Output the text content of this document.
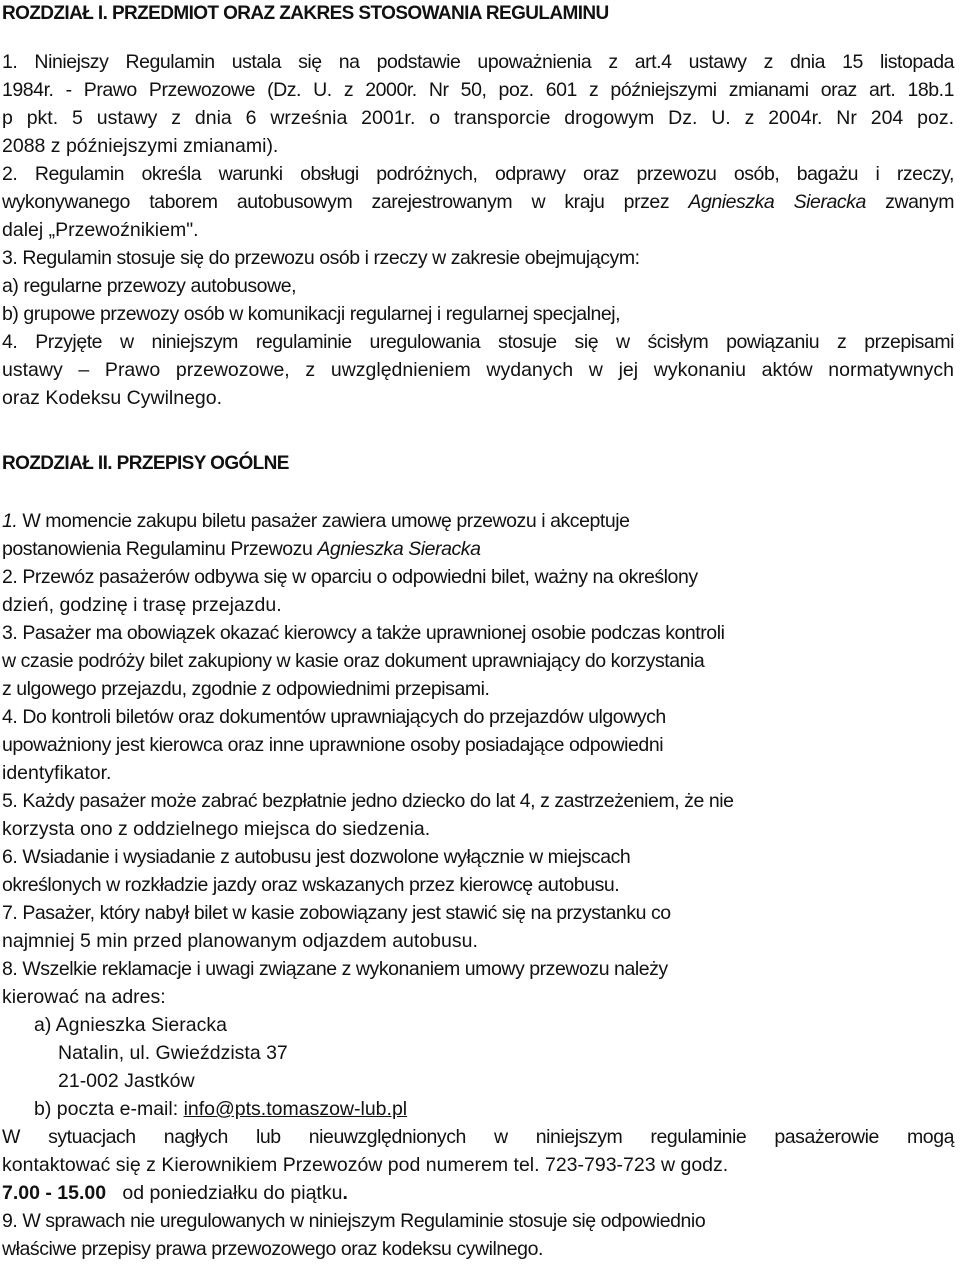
ROZDZIAŁ I. PRZEDMIOT ORAZ ZAKRES STOSOWANIA REGULAMINU
1. Niniejszy Regulamin ustala się na podstawie upoważnienia z art.4 ustawy z dnia 15 listopada
1984r. - Prawo Przewozowe (Dz. U. z 2000r. Nr 50, poz. 601 z późniejszymi zmianami oraz art. 18b.1
p pkt. 5 ustawy z dnia 6 września 2001r. o transporcie drogowym Dz. U. z 2004r. Nr 204 poz.
2088 z późniejszymi zmianami).
2. Regulamin określa warunki obsługi podróżnych, odprawy oraz przewozu osób, bagażu i rzeczy,
wykonywanego taborem autobusowym zarejestrowanym w kraju przez Agnieszka Sieracka zwanym
dalej „Przewoźnikiem".
3. Regulamin stosuje się do przewozu osób i rzeczy w zakresie obejmującym:
a) regularne przewozy autobusowe,
b) grupowe przewozy osób w komunikacji regularnej i regularnej specjalnej,
4. Przyjęte w niniejszym regulaminie uregulowania stosuje się w ścisłym powiązaniu z przepisami
ustawy – Prawo przewozowe, z uwzględnieniem wydanych w jej wykonaniu aktów normatywnych
oraz Kodeksu Cywilnego.
ROZDZIAŁ II. PRZEPISY OGÓLNE
1. W momencie zakupu biletu pasażer zawiera umowę przewozu i akceptuje
postanowienia Regulaminu Przewozu Agnieszka Sieracka
2. Przewóz pasażerów odbywa się w oparciu o odpowiedni bilet, ważny na określony
dzień, godzinę i trasę przejazdu.
3. Pasażer ma obowiązek okazać kierowcy a także uprawnionej osobie podczas kontroli
w czasie podróży bilet zakupiony w kasie oraz dokument uprawniający do korzystania
z ulgowego przejazdu, zgodnie z odpowiednimi przepisami.
4. Do kontroli biletów oraz dokumentów uprawniających do przejazdów ulgowych
upoważniony jest kierowca oraz inne uprawnione osoby posiadające odpowiedni
identyfikator.
5. Każdy pasażer może zabrać bezpłatnie jedno dziecko do lat 4, z zastrzeżeniem, że nie
korzysta ono z oddzielnego miejsca do siedzenia.
6. Wsiadanie i wysiadanie z autobusu jest dozwolone wyłącznie w miejscach
określonych w rozkładzie jazdy oraz wskazanych przez kierowcę autobusu.
7. Pasażer, który nabył bilet w kasie zobowiązany jest stawić się na przystanku co
najmniej 5 min przed planowanym odjazdem autobusu.
8. Wszelkie reklamacje i uwagi związane z wykonaniem umowy przewozu należy
kierować na adres:
a) Agnieszka Sieracka
Natalin, ul. Gwieździsta 37
21-002 Jastków
b) poczta e-mail: info@pts.tomaszow-lub.pl
W sytuacjach nagłych lub nieuwzględnionych w niniejszym regulaminie pasażerowie mogą
kontaktować się z Kierownikiem Przewozów pod numerem tel. 723-793-723 w godz.
7.00 - 15.00   od poniedziałku do piątku.
9. W sprawach nie uregulowanych w niniejszym Regulaminie stosuje się odpowiednio
właściwe przepisy prawa przewozowego oraz kodeksu cywilnego.
